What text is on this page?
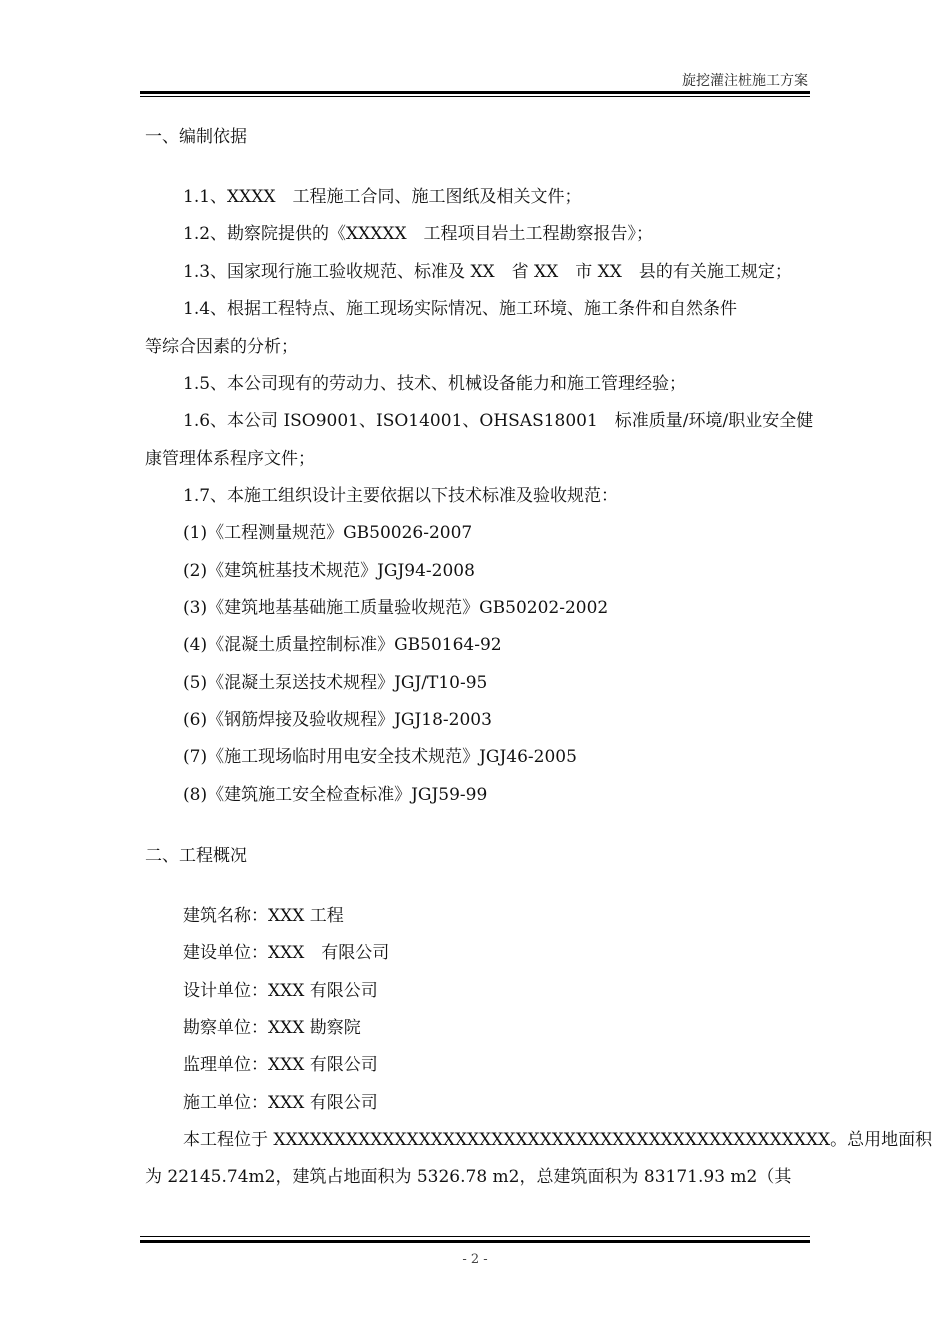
旋挖灌注桩施工方案
一、编制依据
1.1、XXXX　工程施工合同、施工图纸及相关文件；
1.2、勘察院提供的《XXXXX　工程项目岩土工程勘察报告》；
1.3、国家现行施工验收规范、标准及 XX　省 XX　市 XX　县的有关施工规定；
1.4、根据工程特点、施工现场实际情况、施工环境、施工条件和自然条件
等综合因素的分析；
1.5、本公司现有的劳动力、技术、机械设备能力和施工管理经验；
1.6、本公司 ISO9001、ISO14001、OHSAS18001　标准质量/环境/职业安全健
康管理体系程序文件；
1.7、本施工组织设计主要依据以下技术标准及验收规范：
(1)《工程测量规范》GB50026-2007
(2)《建筑桩基技术规范》JGJ94-2008
(3)《建筑地基基础施工质量验收规范》GB50202-2002
(4)《混凝土质量控制标准》GB50164-92
(5)《混凝土泵送技术规程》JGJ/T10-95
(6)《钢筋焊接及验收规程》JGJ18-2003
(7)《施工现场临时用电安全技术规范》JGJ46-2005
(8)《建筑施工安全检查标准》JGJ59-99
二、工程概况
建筑名称：XXX 工程
建设单位：XXX　有限公司
设计单位：XXX 有限公司
勘察单位：XXX 勘察院
监理单位：XXX 有限公司
施工单位：XXX 有限公司
本工程位于 XXXXXXXXXXXXXXXXXXXXXXXXXXXXXXXXXXXXXXXXXXXXXX。总用地面积
为 22145.74m2，建筑占地面积为 5326.78 m2，总建筑面积为 83171.93 m2（其
- 2 -
